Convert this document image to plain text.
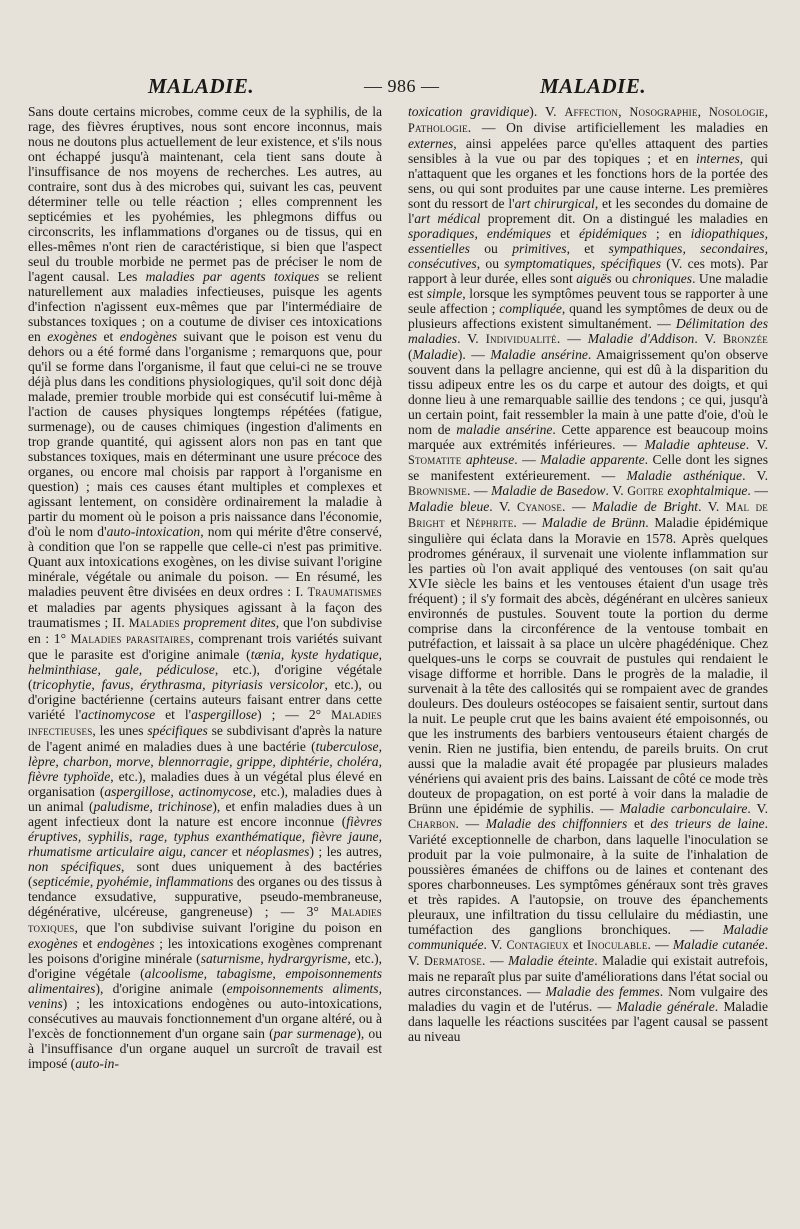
MALADIE.	— 986 —	MALADIE.

Sans doute certains microbes, comme ceux de la syphilis, de la rage, des fièvres éruptives, nous sont encore inconnus, mais nous ne doutons plus actuellement de leur existence, et s'ils nous ont échappé jusqu'à maintenant, cela tient sans doute à l'insuffisance de nos moyens de recherches. Les autres, au contraire, sont dus à des microbes qui, suivant les cas, peuvent déterminer telle ou telle réaction ; elles comprennent les septicémies et les pyohémies, les phlegmons diffus ou circonscrits, les inflammations d'organes ou de tissus, qui en elles-mêmes n'ont rien de caractéristique, si bien que l'aspect seul du trouble morbide ne permet pas de préciser le nom de l'agent causal. Les maladies par agents toxiques se relient naturellement aux maladies infectieuses, puisque les agents d'infection n'agissent eux-mêmes que par l'intermédiaire de substances toxiques ; on a coutume de diviser ces intoxications en exogènes et endogènes suivant que le poison est venu du dehors ou a été formé dans l'organisme ; remarquons que, pour qu'il se forme dans l'organisme, il faut que celui-ci ne se trouve déjà plus dans les conditions physiologiques, qu'il soit donc déjà malade, premier trouble morbide qui est consécutif lui-même à l'action de causes physiques longtemps répétées (fatigue, surmenage), ou de causes chimiques (ingestion d'aliments en trop grande quantité, qui agissent alors non pas en tant que substances toxiques, mais en déterminant une usure précoce des organes, ou encore mal choisis par rapport à l'organisme en question) ; mais ces causes étant multiples et complexes et agissant lentement, on considère ordinairement la maladie à partir du moment où le poison a pris naissance dans l'économie, d'où le nom d'auto-intoxication, nom qui mérite d'être conservé, à condition que l'on se rappelle que celle-ci n'est pas primitive. Quant aux intoxications exogènes, on les divise suivant l'origine minérale, végétale ou animale du poison. — En résumé, les maladies peuvent être divisées en deux ordres : I. Traumatismes et maladies par agents physiques agissant à la façon des traumatismes ; II. Maladies proprement dites, que l'on subdivise en : 1° Maladies parasitaires, comprenant trois variétés suivant que le parasite est d'origine animale (tænia, kyste hydatique, helminthiase, gale, pédiculose, etc.), d'origine végétale (tricophytie, favus, érythrasma, pityriasis versicolor, etc.), ou d'origine bactérienne (certains auteurs faisant entrer dans cette variété l'actinomycose et l'aspergillose) ; — 2° Maladies infectieuses, les unes spécifiques se subdivisant d'après la nature de l'agent animé en maladies dues à une bactérie (tuberculose, lèpre, charbon, morve, blennorragie, grippe, diphtérie, choléra, fièvre typhoïde, etc.), maladies dues à un végétal plus élevé en organisation (aspergillose, actinomycose, etc.), maladies dues à un animal (paludisme, trichinose), et enfin maladies dues à un agent infectieux dont la nature est encore inconnue (fièvres éruptives, syphilis, rage, typhus exanthématique, fièvre jaune, rhumatisme articulaire aigu, cancer et néoplasmes) ; les autres, non spécifiques, sont dues uniquement à des bactéries (septicémie, pyohémie, inflammations des organes ou des tissus à tendance exsudative, suppurative, pseudo-membraneuse, dégénérative, ulcéreuse, gangreneuse) ; — 3° Maladies toxiques, que l'on subdivise suivant l'origine du poison en exogènes et endogènes ; les intoxications exogènes comprenant les poisons d'origine minérale (saturnisme, hydrargyrisme, etc.), d'origine végétale (alcoolisme, tabagisme, empoisonnements alimentaires), d'origine animale (empoisonnements aliments, venins) ; les intoxications endogènes ou auto-intoxications, consécutives au mauvais fonctionnement d'un organe altéré, ou à l'excès de fonctionnement d'un organe sain (par surmenage), ou à l'insuffisance d'un organe auquel un surcroît de travail est imposé (auto-in-

toxication gravidique). V. Affection, Nosographie, Nosologie, Pathologie. — On divise artificiellement les maladies en externes, ainsi appelées parce qu'elles attaquent des parties sensibles à la vue ou par des topiques ; et en internes, qui n'attaquent que les organes et les fonctions hors de la portée des sens, ou qui sont produites par une cause interne. Les premières sont du ressort de l'art chirurgical, et les secondes du domaine de l'art médical proprement dit. On a distingué les maladies en sporadiques, endémiques et épidémiques ; en idiopathiques, essentielles ou primitives, et sympathiques, secondaires, consécutives, ou symptomatiques, spécifiques (V. ces mots). Par rapport à leur durée, elles sont aiguës ou chroniques. Une maladie est simple, lorsque les symptômes peuvent tous se rapporter à une seule affection ; compliquée, quand les symptômes de deux ou de plusieurs affections existent simultanément. — Délimitation des maladies. V. Individualité. — Maladie d'Addison. V. Bronzée (Maladie). — Maladie ansérine. Amaigrissement qu'on observe souvent dans la pellagre ancienne, qui est dû à la disparition du tissu adipeux entre les os du carpe et autour des doigts, et qui donne lieu à une remarquable saillie des tendons ; ce qui, jusqu'à un certain point, fait ressembler la main à une patte d'oie, d'où le nom de maladie ansérine. Cette apparence est beaucoup moins marquée aux extrémités inférieures. — Maladie aphteuse. V. Stomatite aphteuse. — Maladie apparente. Celle dont les signes se manifestent extérieurement. — Maladie asthénique. V. Brownisme. — Maladie de Basedow. V. Goitre exophtalmique. — Maladie bleue. V. Cyanose. — Maladie de Bright. V. Mal de Bright et Néphrite. — Maladie de Brünn. Maladie épidémique singulière qui éclata dans la Moravie en 1578. Après quelques prodromes généraux, il survenait une violente inflammation sur les parties où l'on avait appliqué des ventouses (on sait qu'au XVIe siècle les bains et les ventouses étaient d'un usage très fréquent) ; il s'y formait des abcès, dégénérant en ulcères sanieux environnés de pustules. Souvent toute la portion du derme comprise dans la circonférence de la ventouse tombait en putréfaction, et laissait à sa place un ulcère phagédénique. Chez quelques-uns le corps se couvrait de pustules qui rendaient le visage difforme et horrible. Dans le progrès de la maladie, il survenait à la tête des callosités qui se rompaient avec de grandes douleurs. Des douleurs ostéocopes se faisaient sentir, surtout dans la nuit. Le peuple crut que les bains avaient été empoisonnés, ou que les instruments des barbiers ventouseurs étaient chargés de venin. Rien ne justifia, bien entendu, de pareils bruits. On crut aussi que la maladie avait été propagée par plusieurs malades vénériens qui avaient pris des bains. Laissant de côté ce mode très douteux de propagation, on est porté à voir dans la maladie de Brünn une épidémie de syphilis. — Maladie carbonculaire. V. Charbon. — Maladie des chiffonniers et des trieurs de laine. Variété exceptionnelle de charbon, dans laquelle l'inoculation se produit par la voie pulmonaire, à la suite de l'inhalation de poussières émanées de chiffons ou de laines et contenant des spores charbonneuses. Les symptômes généraux sont très graves et très rapides. A l'autopsie, on trouve des épanchements pleuraux, une infiltration du tissu cellulaire du médiastin, une tuméfaction des ganglions bronchiques. — Maladie communiquée. V. Contagieux et Inoculable. — Maladie cutanée. V. Dermatose. — Maladie éteinte. Maladie qui existait autrefois, mais ne reparaît plus par suite d'améliorations dans l'état social ou autres circonstances. — Maladie des femmes. Nom vulgaire des maladies du vagin et de l'utérus. — Maladie générale. Maladie dans laquelle les réactions suscitées par l'agent causal se passent au niveau
